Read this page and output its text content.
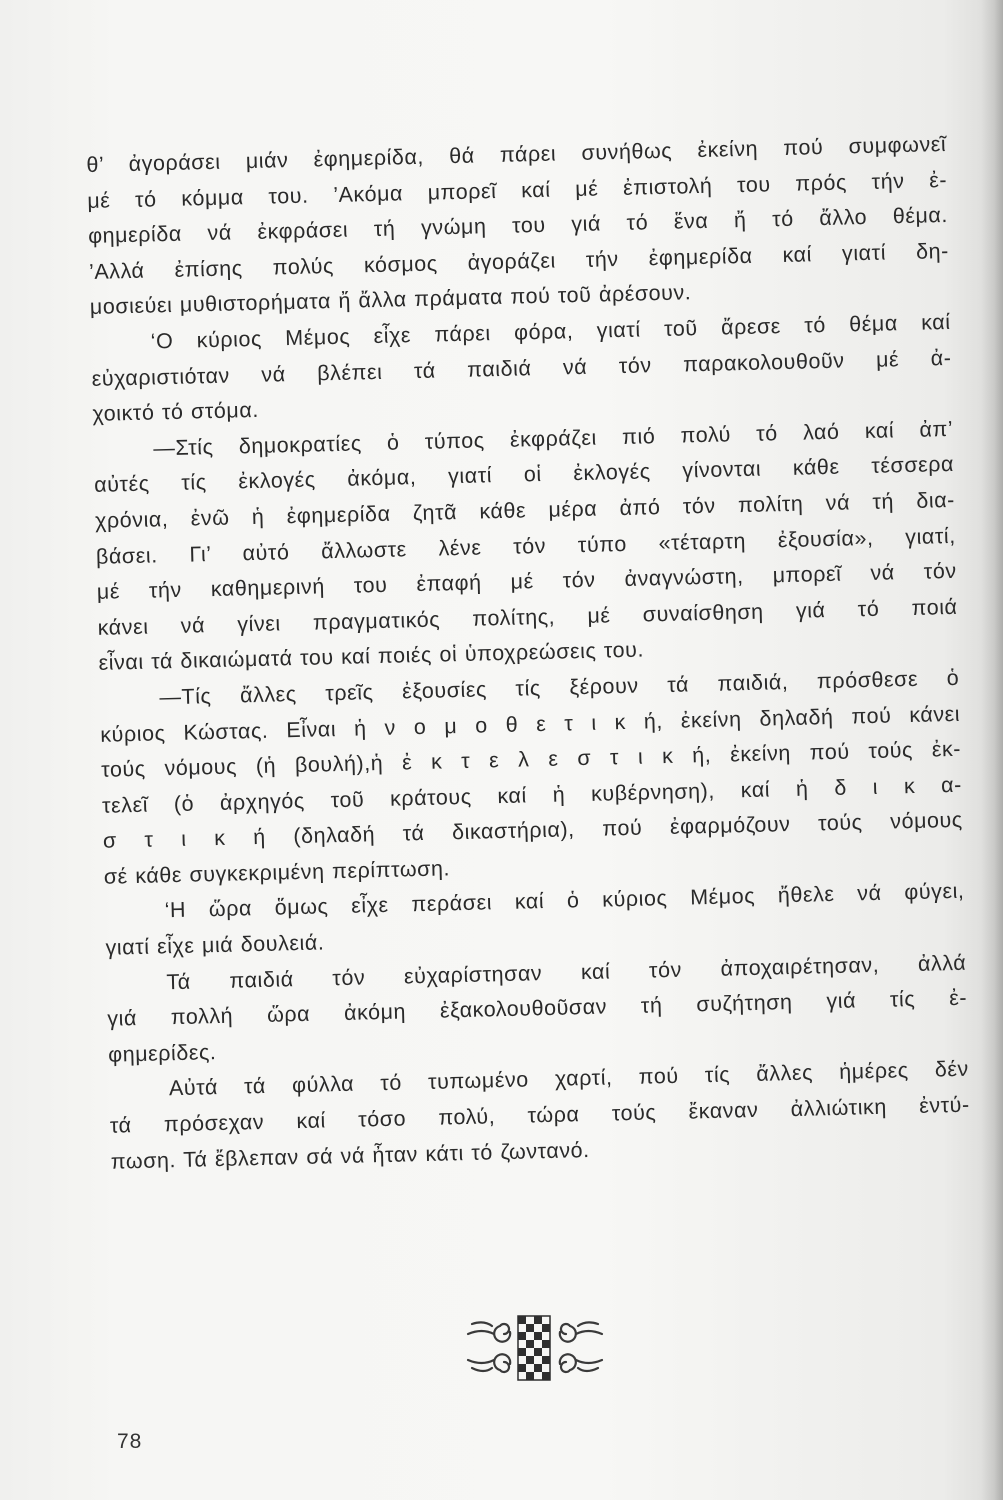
θ’ ἀγοράσει μιάν ἐφημερίδα, θά πάρει συνήθως ἐκείνη πού συμφωνεῖ
μέ τό κόμμα του. ’Ακόμα μπορεῖ καί μέ ἐπιστολή του πρός τήν ἐ-
φημερίδα νά ἐκφράσει τή γνώμη του γιά τό ἕνα ἤ τό ἄλλο θέμα.
’Αλλά ἐπίσης πολύς κόσμος ἀγοράζει τήν ἐφημερίδα καί γιατί δη-
μοσιεύει μυθιστορήματα ἤ ἄλλα πράματα πού τοῦ ἀρέσουν.
‘Ο κύριος Μέμος εἶχε πάρει φόρα, γιατί τοῦ ἄρεσε τό θέμα καί
εὐχαριστιόταν νά βλέπει τά παιδιά νά τόν παρακολουθοῦν μέ ἀ-
χοικτό τό στόμα.
—Στίς δημοκρατίες ὁ τύπος ἐκφράζει πιό πολύ τό λαό καί ἀπ’
αὐτές τίς ἐκλογές ἀκόμα, γιατί οἱ ἐκλογές γίνονται κάθε τέσσερα
χρόνια, ἐνῶ ἡ ἐφημερίδα ζητᾶ κάθε μέρα ἀπό τόν πολίτη νά τή δια-
βάσει. Γι’ αὐτό ἄλλωστε λένε τόν τύπο «τέταρτη ἐξουσία», γιατί,
μέ τήν καθημερινή του ἐπαφή μέ τόν ἀναγνώστη, μπορεῖ νά τόν
κάνει νά γίνει πραγματικός πολίτης, μέ συναίσθηση γιά τό ποιά
εἶναι τά δικαιώματά του καί ποιές οἱ ὑποχρεώσεις του.
—Τίς ἄλλες τρεῖς ἐξουσίες τίς ξέρουν τά παιδιά, πρόσθεσε ὁ
κύριος Κώστας. Εἶναι ἡ ν ο μ ο θ ε τ ι κ ή, ἐκείνη δηλαδή πού κάνει
τούς νόμους (ἡ βουλή),ἡ ἐ κ τ ε λ ε σ τ ι κ ή, ἐκείνη πού τούς ἐκ-
τελεῖ (ὁ ἀρχηγός τοῦ κράτους καί ἡ κυβέρνηση), καί ἡ δ ι κ α-
σ τ ι κ ή (δηλαδή τά δικαστήρια), πού ἐφαρμόζουν τούς νόμους
σέ κάθε συγκεκριμένη περίπτωση.
‘Η ὥρα ὅμως εἶχε περάσει καί ὁ κύριος Μέμος ἤθελε νά φύγει,
γιατί εἶχε μιά δουλειά.
Τά παιδιά τόν εὐχαρίστησαν καί τόν ἀποχαιρέτησαν, ἀλλά
γιά πολλή ὥρα ἀκόμη ἐξακολουθοῦσαν τή συζήτηση γιά τίς ἐ-
φημερίδες.
Αὐτά τά φύλλα τό τυπωμένο χαρτί, πού τίς ἄλλες ἡμέρες δέν
τά πρόσεχαν καί τόσο πολύ, τώρα τούς ἔκαναν ἀλλιώτικη ἐντύ-
πωση. Τά ἔβλεπαν σά νά ἦταν κάτι τό ζωντανό.
78
